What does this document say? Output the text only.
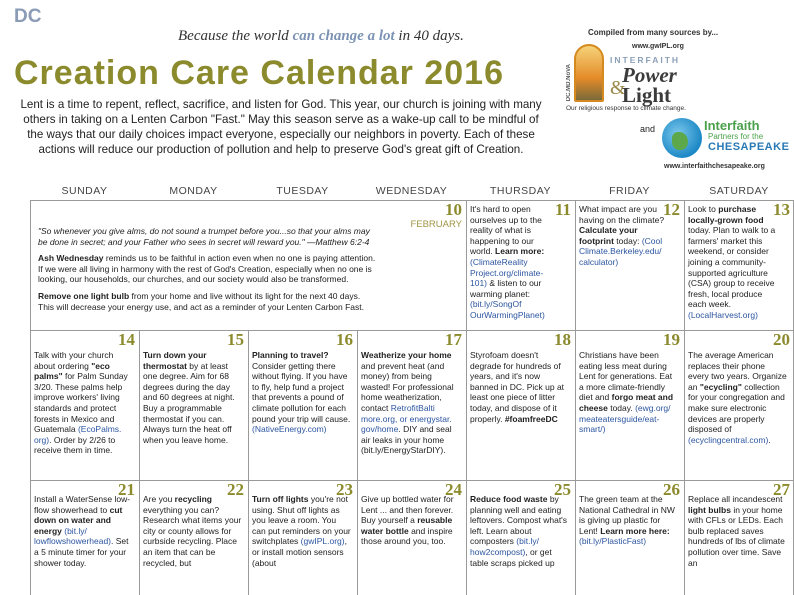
DC
Because the world can change a lot in 40 days.
Creation Care Calendar 2016
Lent is a time to repent, reflect, sacrifice, and listen for God. This year, our church is joining with many others in taking on a Lenten Carbon "Fast." May this season serve as a wake-up call to be mindful of the ways that our daily choices impact everyone, especially our neighbors in poverty. Each of these actions will reduce our production of pollution and help to preserve God's great gift of Creation.
Compiled from many sources by...
www.gwIPL.org
DC.MD.NoVA
INTERFAITH
Power
&
Light
Our religious response to climate change.
and	Interfaith
Partners for the
CHESAPEAKE
www.interfaithchesapeake.org
SUNDAY	MONDAY	TUESDAY	WEDNESDAY	THURSDAY	FRIDAY	SATURDAY
10
FEBRUARY
"So whenever you give alms, do not sound a trumpet before you...so that your alms may be done in secret; and your Father who sees in secret will reward you." —Matthew 6:2-4
Ash Wednesday reminds us to be faithful in action even when no one is paying attention. If we were all living in harmony with the rest of God's Creation, especially when no one is looking, our households, our churches, and our society would also be transformed.
Remove one light bulb from your home and live without its light for the next 40 days. This will decrease your energy use, and act as a reminder of your Lenten Carbon Fast.
11
It's hard to open ourselves up to the reality of what is happening to our world. Learn more: (ClimateReality Project.org/climate-101) & listen to our warming planet: (bit.ly/SongOf OurWarmingPlanet)
12
What impact are you having on the climate? Calculate your footprint today: (Cool Climate.Berkeley.edu/ calculator)
13
Look to purchase locally-grown food today. Plan to walk to a farmers' market this weekend, or consider joining a community-supported agriculture (CSA) group to receive fresh, local produce each week. (LocalHarvest.org)
14
Talk with your church about ordering "eco palms" for Palm Sunday 3/20. These palms help improve workers' living standards and protect forests in Mexico and Guatemala (EcoPalms. org). Order by 2/26 to receive them in time.
15
Turn down your thermostat by at least one degree. Aim for 68 degrees during the day and 60 degrees at night. Buy a programmable thermostat if you can. Always turn the heat off when you leave home.
16
Planning to travel? Consider getting there without flying. If you have to fly, help fund a project that prevents a pound of climate pollution for each pound your trip will cause. (NativeEnergy.com)
17
Weatherize your home and prevent heat (and money) from being wasted! For professional home weatherization, contact RetrofitBalti more.org, or energystar. gov/home. DIY and seal air leaks in your home (bit.ly/EnergyStarDIY).
18
Styrofoam doesn't degrade for hundreds of years, and it's now banned in DC. Pick up at least one piece of litter today, and dispose of it properly. #foamfreeDC
19
Christians have been eating less meat during Lent for generations. Eat a more climate-friendly diet and forgo meat and cheese today. (ewg.org/ meateatersguide/eat-smart/)
20
The average American replaces their phone every two years. Organize an "ecycling" collection for your congregation and make sure electronic devices are properly disposed of (ecyclingcentral.com).
21
Install a WaterSense low-flow showerhead to cut down on water and energy (bit.ly/ lowflowshowerhead). Set a 5 minute timer for your shower today.
22
Are you recycling everything you can? Research what items your city or county allows for curbside recycling. Place an item that can be recycled, but
23
Turn off lights you're not using. Shut off lights as you leave a room. You can put reminders on your switchplates (gwIPL.org), or install motion sensors (about
24
Give up bottled water for Lent ... and then forever. Buy yourself a reusable water bottle and inspire those around you, too.
25
Reduce food waste by planning well and eating leftovers. Compost what's left. Learn about composters (bit.ly/ how2compost), or get table scraps picked up
26
The green team at the National Cathedral in NW is giving up plastic for Lent! Learn more here: (bit.ly/PlasticFast)
27
Replace all incandescent light bulbs in your home with CFLs or LEDs. Each bulb replaced saves hundreds of lbs of climate pollution over time. Save an
